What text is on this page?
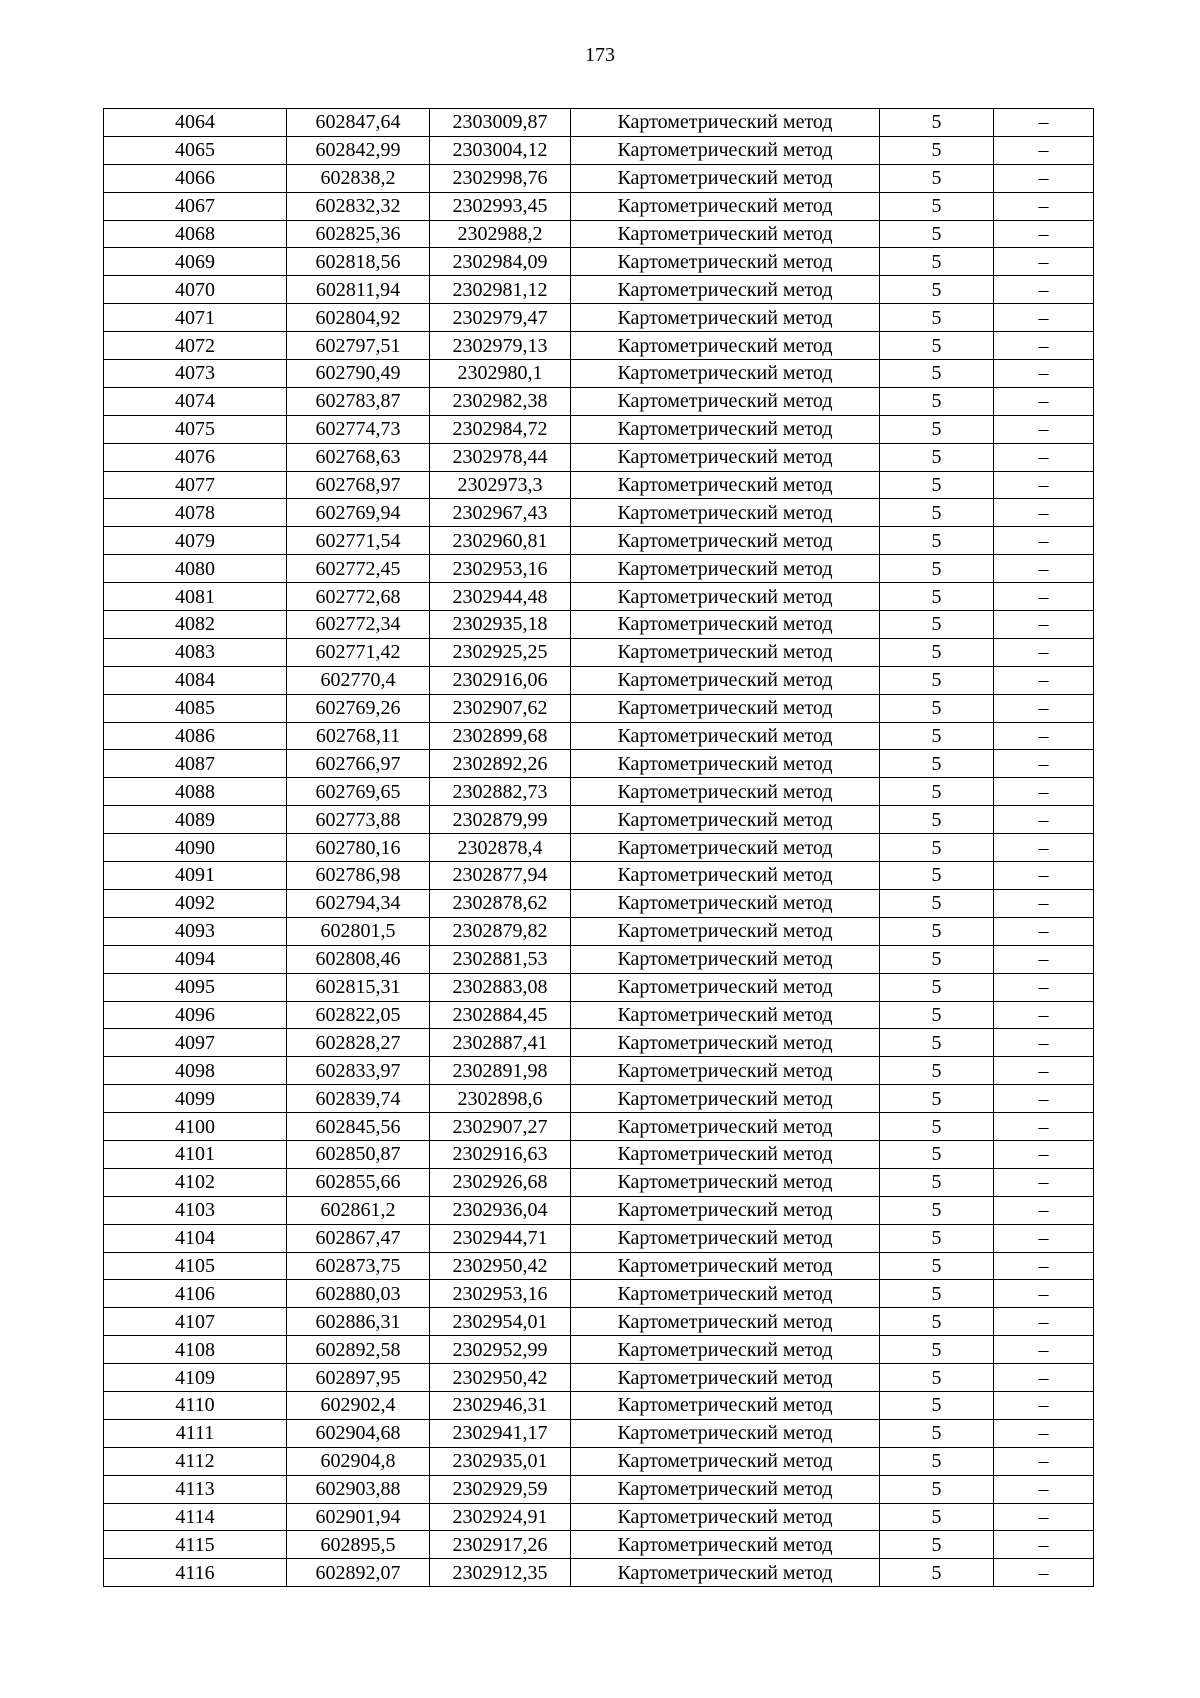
173
4064	602847,64	2303009,87	Картометрический метод	5	–
4065	602842,99	2303004,12	Картометрический метод	5	–
4066	602838,2	2302998,76	Картометрический метод	5	–
4067	602832,32	2302993,45	Картометрический метод	5	–
4068	602825,36	2302988,2	Картометрический метод	5	–
4069	602818,56	2302984,09	Картометрический метод	5	–
4070	602811,94	2302981,12	Картометрический метод	5	–
4071	602804,92	2302979,47	Картометрический метод	5	–
4072	602797,51	2302979,13	Картометрический метод	5	–
4073	602790,49	2302980,1	Картометрический метод	5	–
4074	602783,87	2302982,38	Картометрический метод	5	–
4075	602774,73	2302984,72	Картометрический метод	5	–
4076	602768,63	2302978,44	Картометрический метод	5	–
4077	602768,97	2302973,3	Картометрический метод	5	–
4078	602769,94	2302967,43	Картометрический метод	5	–
4079	602771,54	2302960,81	Картометрический метод	5	–
4080	602772,45	2302953,16	Картометрический метод	5	–
4081	602772,68	2302944,48	Картометрический метод	5	–
4082	602772,34	2302935,18	Картометрический метод	5	–
4083	602771,42	2302925,25	Картометрический метод	5	–
4084	602770,4	2302916,06	Картометрический метод	5	–
4085	602769,26	2302907,62	Картометрический метод	5	–
4086	602768,11	2302899,68	Картометрический метод	5	–
4087	602766,97	2302892,26	Картометрический метод	5	–
4088	602769,65	2302882,73	Картометрический метод	5	–
4089	602773,88	2302879,99	Картометрический метод	5	–
4090	602780,16	2302878,4	Картометрический метод	5	–
4091	602786,98	2302877,94	Картометрический метод	5	–
4092	602794,34	2302878,62	Картометрический метод	5	–
4093	602801,5	2302879,82	Картометрический метод	5	–
4094	602808,46	2302881,53	Картометрический метод	5	–
4095	602815,31	2302883,08	Картометрический метод	5	–
4096	602822,05	2302884,45	Картометрический метод	5	–
4097	602828,27	2302887,41	Картометрический метод	5	–
4098	602833,97	2302891,98	Картометрический метод	5	–
4099	602839,74	2302898,6	Картометрический метод	5	–
4100	602845,56	2302907,27	Картометрический метод	5	–
4101	602850,87	2302916,63	Картометрический метод	5	–
4102	602855,66	2302926,68	Картометрический метод	5	–
4103	602861,2	2302936,04	Картометрический метод	5	–
4104	602867,47	2302944,71	Картометрический метод	5	–
4105	602873,75	2302950,42	Картометрический метод	5	–
4106	602880,03	2302953,16	Картометрический метод	5	–
4107	602886,31	2302954,01	Картометрический метод	5	–
4108	602892,58	2302952,99	Картометрический метод	5	–
4109	602897,95	2302950,42	Картометрический метод	5	–
4110	602902,4	2302946,31	Картометрический метод	5	–
4111	602904,68	2302941,17	Картометрический метод	5	–
4112	602904,8	2302935,01	Картометрический метод	5	–
4113	602903,88	2302929,59	Картометрический метод	5	–
4114	602901,94	2302924,91	Картометрический метод	5	–
4115	602895,5	2302917,26	Картометрический метод	5	–
4116	602892,07	2302912,35	Картометрический метод	5	–
